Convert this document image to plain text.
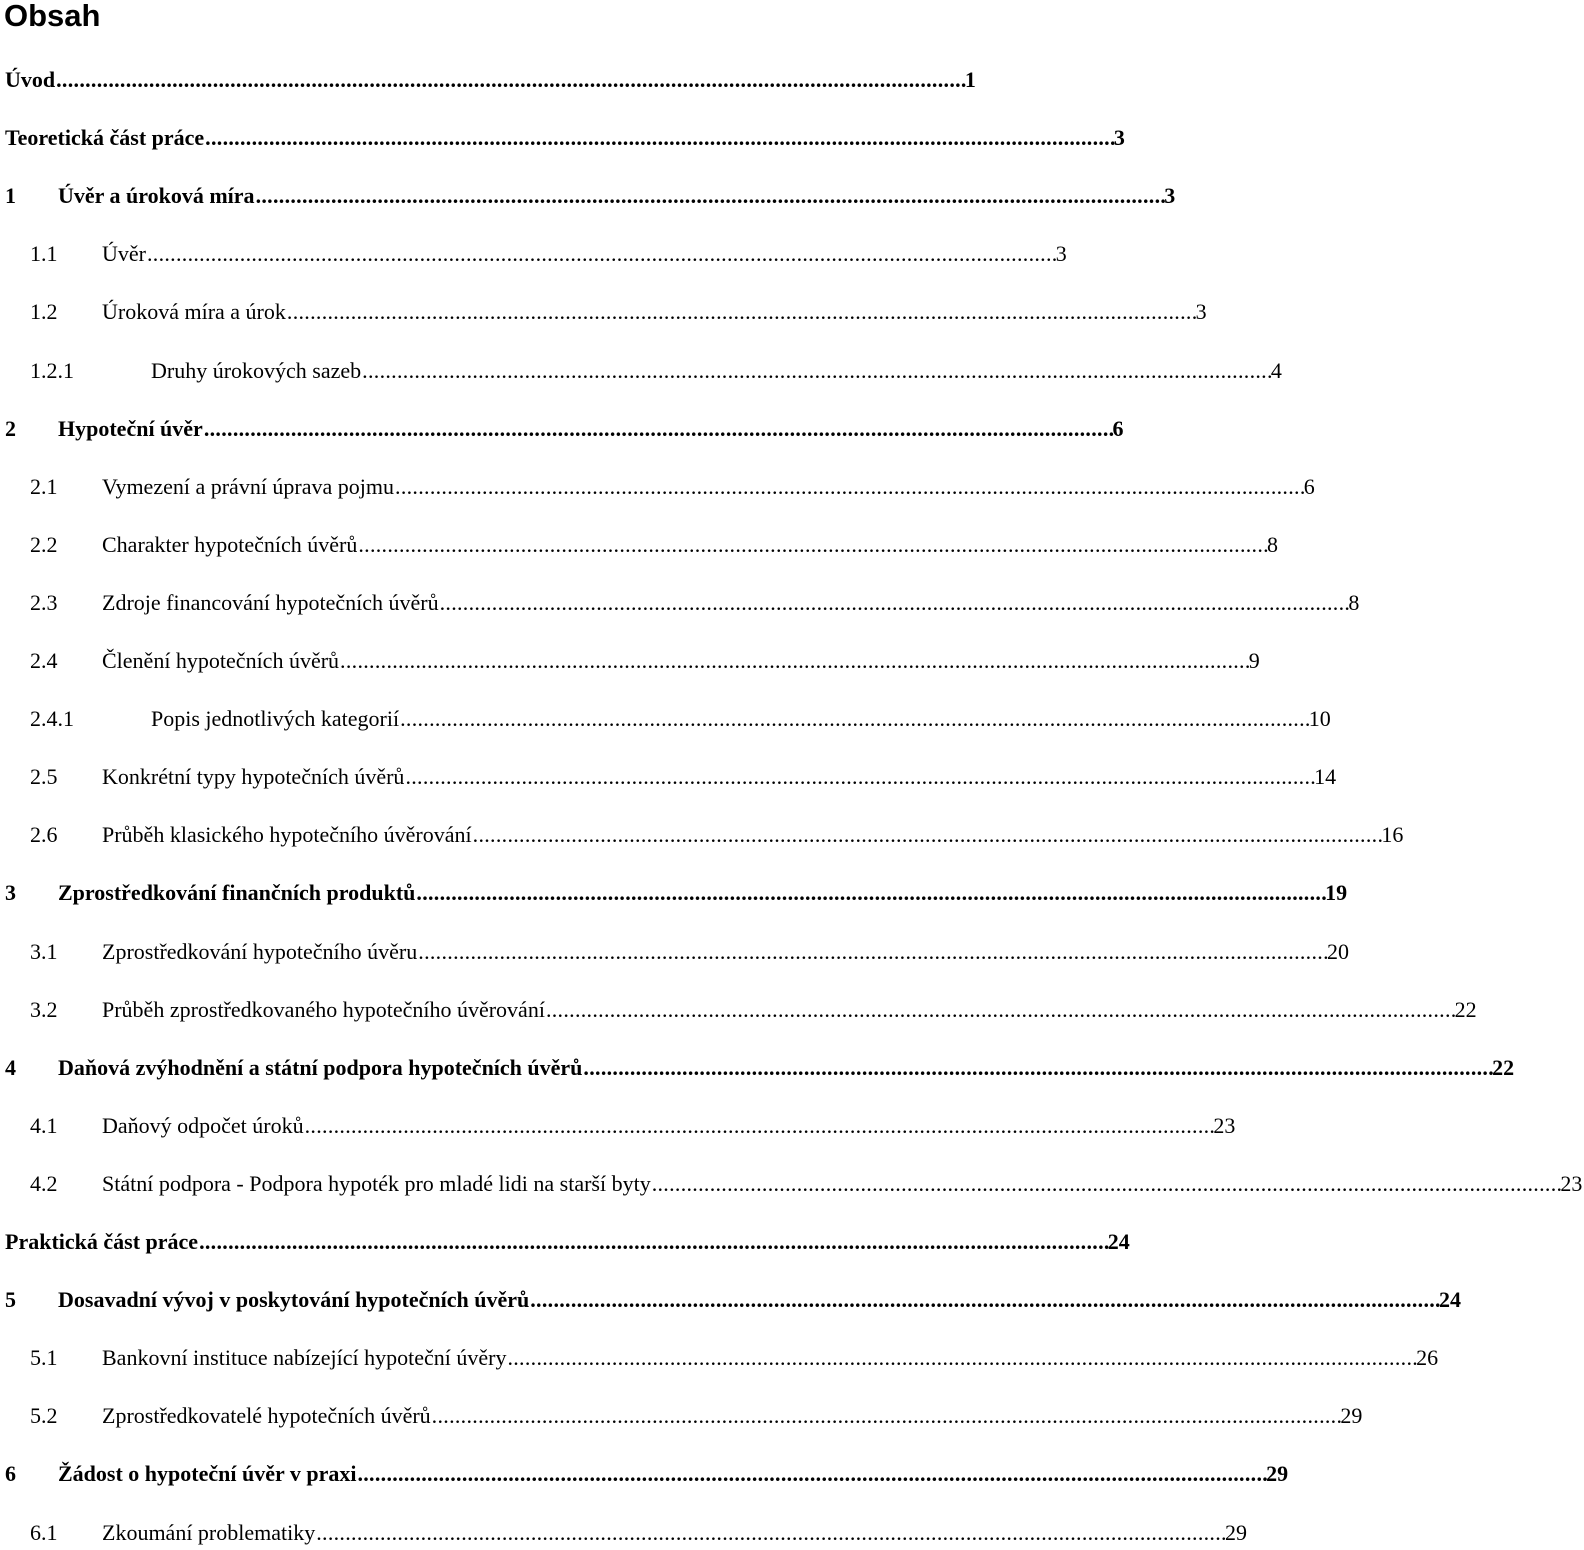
Obsah
Úvod . . .	1
Teoretická část práce . . .	3
1	Úvěr a úroková míra . . .	3
1.1	Úvěr . . .	3
1.2	Úroková míra a úrok . . .	3
1.2.1	Druhy úrokových sazeb . . .	4
2	Hypoteční úvěr . . .	6
2.1	Vymezení a právní úprava pojmu . . .	6
2.2	Charakter hypotečních úvěrů . . .	8
2.3	Zdroje financování hypotečních úvěrů . . .	8
2.4	Členění hypotečních úvěrů . . .	9
2.4.1	Popis jednotlivých kategorií . . .	10
2.5	Konkrétní typy hypotečních úvěrů . . .	14
2.6	Průběh klasického hypotečního úvěrování . . .	16
3	Zprostředkování finančních produktů . . .	19
3.1	Zprostředkování hypotečního úvěru . . .	20
3.2	Průběh zprostředkovaného hypotečního úvěrování . . .	22
4	Daňová zvýhodnění a státní podpora hypotečních úvěrů . . .	22
4.1	Daňový odpočet úroků . . .	23
4.2	Státní podpora - Podpora hypoték pro mladé lidi na starší byty . . .	23
Praktická část práce . . .	24
5	Dosavadní vývoj v poskytování hypotečních úvěrů . . .	24
5.1	Bankovní instituce nabízející hypoteční úvěry . . .	26
5.2	Zprostředkovatelé hypotečních úvěrů . . .	29
6	Žádost o hypoteční úvěr v praxi . . .	29
6.1	Zkoumání problematiky . . .	29
